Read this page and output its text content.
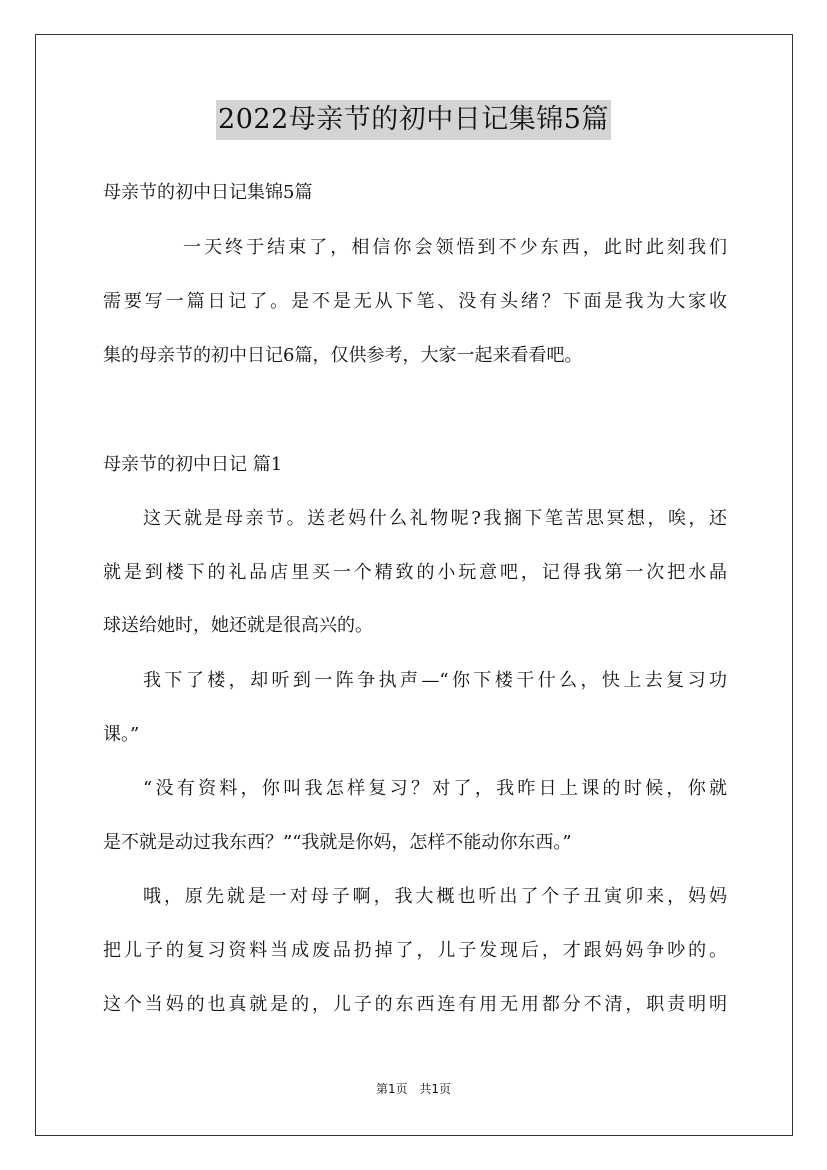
2022母亲节的初中日记集锦5篇
母亲节的初中日记集锦5篇
一天终于结束了，相信你会领悟到不少东西，此时此刻我们
需要写一篇日记了。是不是无从下笔、没有头绪？下面是我为大家收
集的母亲节的初中日记6篇，仅供参考，大家一起来看看吧。
母亲节的初中日记 篇1
这天就是母亲节。送老妈什么礼物呢?我搁下笔苦思冥想，唉，还
就是到楼下的礼品店里买一个精致的小玩意吧，记得我第一次把水晶
球送给她时，她还就是很高兴的。
我下了楼，却听到一阵争执声—“你下楼干什么，快上去复习功
课。”
“没有资料，你叫我怎样复习？对了，我昨日上课的时候，你就
是不就是动过我东西？”“我就是你妈，怎样不能动你东西。”
哦，原先就是一对母子啊，我大概也听出了个子丑寅卯来，妈妈
把儿子的复习资料当成废品扔掉了，儿子发现后，才跟妈妈争吵的。
这个当妈的也真就是的，儿子的东西连有用无用都分不清，职责明明
第1页 共1页
